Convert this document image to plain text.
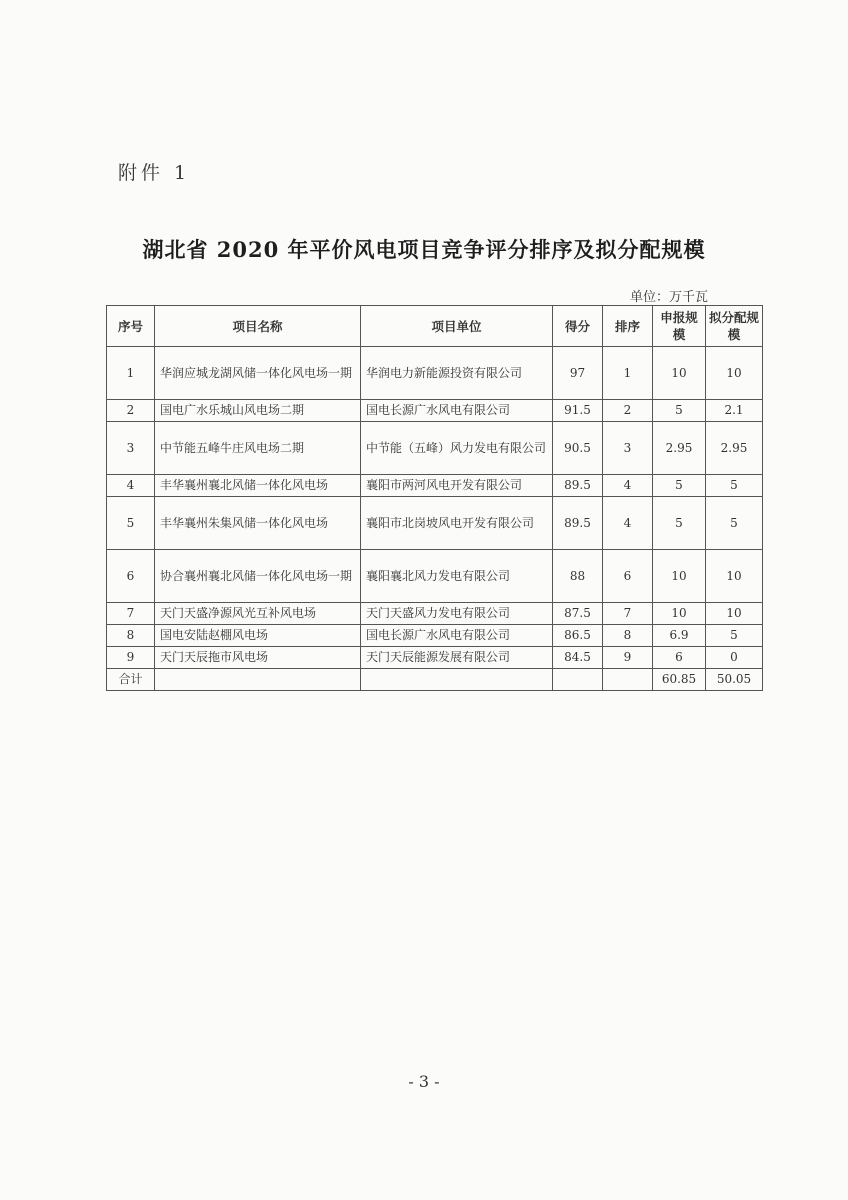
附件 1
湖北省 2020 年平价风电项目竞争评分排序及拟分配规模
单位：万千瓦
序号	项目名称	项目单位	得分	排序	申报规模	拟分配规模
1	华润应城龙湖风储一体化风电场一期	华润电力新能源投资有限公司	97	1	10	10
2	国电广水乐城山风电场二期	国电长源广水风电有限公司	91.5	2	5	2.1
3	中节能五峰牛庄风电场二期	中节能（五峰）风力发电有限公司	90.5	3	2.95	2.95
4	丰华襄州襄北风储一体化风电场	襄阳市两河风电开发有限公司	89.5	4	5	5
5	丰华襄州朱集风储一体化风电场	襄阳市北岗坡风电开发有限公司	89.5	4	5	5
6	协合襄州襄北风储一体化风电场一期	襄阳襄北风力发电有限公司	88	6	10	10
7	天门天盛净源风光互补风电场	天门天盛风力发电有限公司	87.5	7	10	10
8	国电安陆赵棚风电场	国电长源广水风电有限公司	86.5	8	6.9	5
9	天门天辰拖市风电场	天门天辰能源发展有限公司	84.5	9	6	0
合计					60.85	50.05
- 3 -
